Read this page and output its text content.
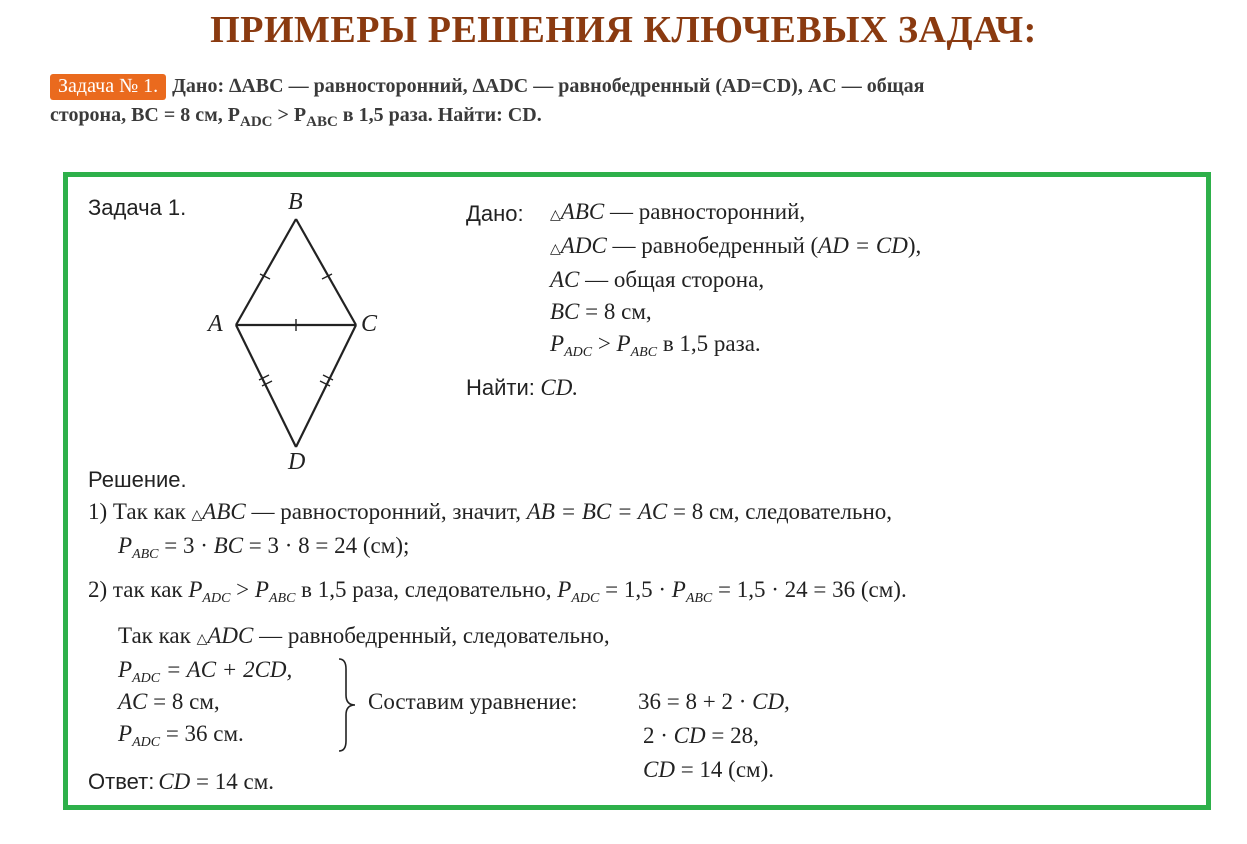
ПРИМЕРЫ РЕШЕНИЯ КЛЮЧЕВЫХ ЗАДАЧ:
Задача № 1. Дано: ∆ABC — равносторонний, ∆ADC — равнобедренный (AD=CD), AC — общая
сторона, BC = 8 см, $P_{ADC} > P_{ABC}$ в 1,5 раза. Найти: CD.
Задача 1.	B
A	C
D
Дано: △ABC — равносторонний,
△ADC — равнобедренный (AD = CD),
AC — общая сторона,
BC = 8 см,
$P_{ADC} > P_{ABC}$ в 1,5 раза.
Найти: CD.
Решение.
1) Так как △ABC — равносторонний, значит, AB = BC = AC = 8 см, следовательно,
$P_{ABC} = 3$ · BC = 3 · 8 = 24 (см);
2) так как $P_{ADC} > P_{ABC}$ в 1,5 раза, следовательно, $P_{ADC} = 1,5 \cdot P_{ABC} = 1,5 \cdot 24 = 36$ (см).
Так как △ADC — равнобедренный, следовательно,
$P_{ADC}$ = AC + 2CD,
AC = 8 см,
$P_{ADC} = 36$ см.
Составим уравнение:	36 = 8 + 2 · CD,
2 · CD = 28,
CD = 14 (см).
Ответ: CD = 14 см.
